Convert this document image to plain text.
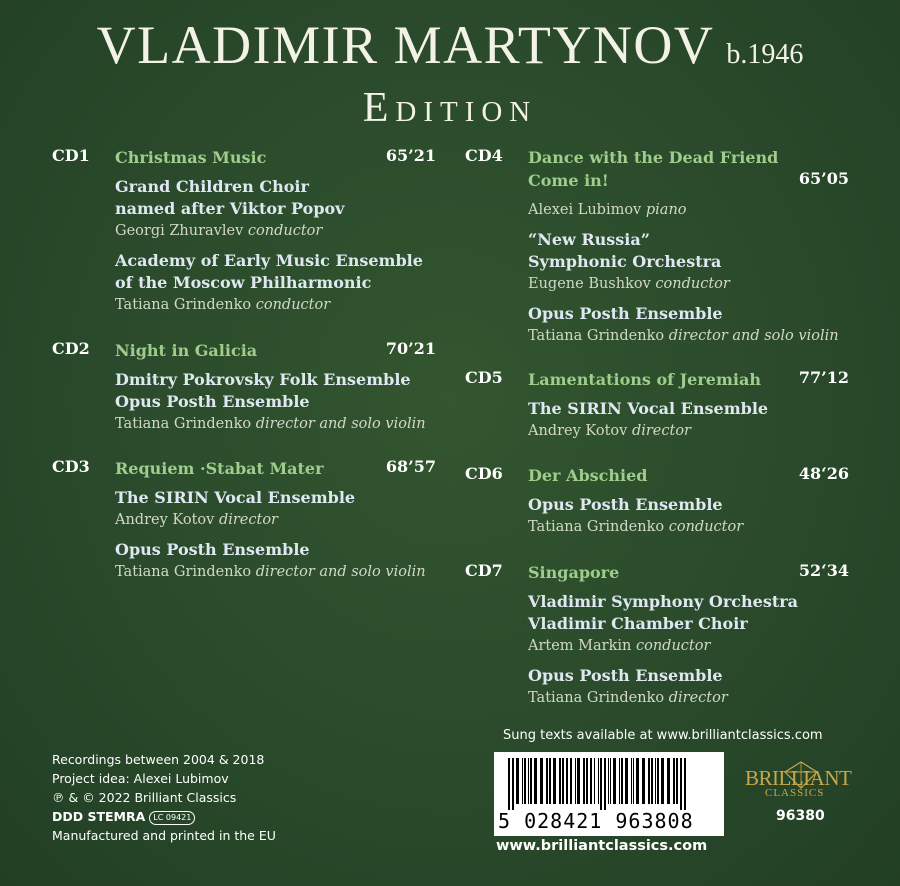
VLADIMIR MARTYNOV b.1946
Edition
CD1 Christmas Music	65’21
Grand Children Choir
named after Viktor Popov
Georgi Zhuravlev conductor
Academy of Early Music Ensemble
of the Moscow Philharmonic
Tatiana Grindenko conductor
CD2 Night in Galicia	70’21
Dmitry Pokrovsky Folk Ensemble
Opus Posth Ensemble
Tatiana Grindenko director and solo violin
CD3 Requiem ·Stabat Mater	68’57
The SIRIN Vocal Ensemble
Andrey Kotov director
Opus Posth Ensemble
Tatiana Grindenko director and solo violin
CD4 Dance with the Dead Friend
Come in!	65’05
Alexei Lubimov piano
“New Russia”
Symphonic Orchestra
Eugene Bushkov conductor
Opus Posth Ensemble
Tatiana Grindenko director and solo violin
CD5 Lamentations of Jeremiah 77’12
The SIRIN Vocal Ensemble
Andrey Kotov director
CD6 Der Abschied	48‘26
Opus Posth Ensemble
Tatiana Grindenko conductor
CD7 Singapore	52‘34
Vladimir Symphony Orchestra
Vladimir Chamber Choir
Artem Markin conductor
Opus Posth Ensemble
Tatiana Grindenko director
Recordings between 2004 & 2018
Project idea: Alexei Lubimov
℗ & © 2022 Brilliant Classics
DDD STEMRA LC 09421
Manufactured and printed in the EU
Sung texts available at www.brilliantclassics.com
5 028421 963808
www.brilliantclassics.com
BRILLIANT
CLASSICS
96380
